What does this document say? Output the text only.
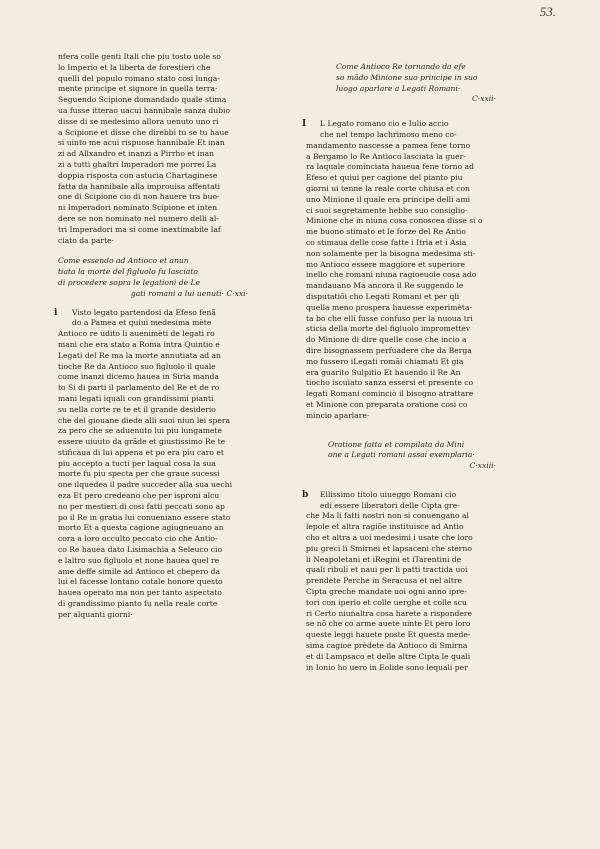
53.
nfera colle genti Itali che piu tosto uole so
lo Imperio et la liberta de forestieri che
quelli del populo romano stato cosi lunga-
mente principe et signore in quella terra·
Seguendo Scipione domandado quale stima
ua fusse itterao uacui hannibale sanza dubio
disse di se medesimo allora uenuto uno ri
a Scipione et disse che direbbi tu se tu haue
si uinto me acui rispuose hannibale Et inan
zi ad Allxandro et inanzi a Pirrho et inan
zi a tutti ghaltri Imperadori me porrei La
doppia risposta con astucia Chartaginese
fatta da hannibale alla improuisa affentati
one di Scipione cio di non hauere tra buo-
ni Imperadori nominato Scipione et inten
dere se non nominato nel numero delli al-
tri Imperadori ma si come inextimabile laf
ciato da parte·
Come essendo ad Antioco et anun
tiata la morte del figluolo fu lasciato
di procedere sopra le legationi de Le
gati romani a lui uenuti· C·xxi·
i	Visto legato partendosi da Efeso fenã
do a Pamea et quiui medesima mète
Antioco re udito li auenimèti de legati ro
mani che era stato a Roma intra Quintio e
Legati del Re ma la morte annutiata ad an
tioche Re da Antioco suo figluolo il quale
come inanzi dicemo hauea in Siria manda
to Si di parti il parlamento del Re et de ro
mani legati iquali con grandissimi pianti
su nella corte re te et il grande desiderio
che del giouane diede alli suoi niun lei spera
za pero che se aduenuto lui piu lungamete
essere uiuuto da grãde et giustissimo Re te
stificaua di lui appena et po era piu caro et
piu accepto a tucti per laqual cosa la sua
morte fu piu specta per che graue sucessi
one ilquedea il padre succeder alla sua uechi
eza Et pero credeano che per isproni alcu
no per mestieri di cosi fatti peccati sono ap
po il Re in gratia lui conueniano essere stato
morto Et a questa cagione agiugneuano an
cora a loro occulto peccato cio che Antio-
co Re hauea dato Lisimachia a Seleuco cio
e laltro suo figluolo et none hauea quel re
ame deffe simile ad Antioco et cbepero da
lui el facesse lontano cotale honore questo
hauea operato ma non per tanto aspectato
di grandissimo pianto fu nella reale corte
per alquanti giorni·
Come Antioco Re tornando da efe
so mãdo Minione suo principe in suo
luogo aparlare a Legati Romani·
C·xxii·
I	L Legato romano cio e Iulio accio
che nel tempo lachrimoso meno co-
mandamento nascesse a pamea fene torno
a Bergamo lo Re Antioco lasciata la guer-
ra laquale comínciata haueua fene torno ad
Efeso et quiui per cagione del pianto piu
giorni ui tenne la reale corte chiusa et con
uno Minione il quale era principe delli ami
ci suoi segretamente hebbe suo consiglio·
Minione che in niuna cosa conoscea disse si o
me buono stimato et le forze del Re Antio
co stimaua delle cose fatte i Itria et i Asia
non solamente per la bisogna medesima sti-
mo Antioco essere maggiore et superiore
inello che romani niuna ragioeuole cosa ado
mandauano Ma ancora il Re suggendo le
disputatiõi cho Legati Romani et per qli
quella meno prospera hauesse experimèta-
ta bo che ellí fusse confuso per la nuoua tri
sticia della morte del figluolo impromettev
do Minione di dire quelle cose che incio a
dire bisognassem perfuadere che da Berga
mo fussero iLegati romãi chiamati Et gia
era guarito Sulpitio Et hauendo il Re An
tiocho iscuiato sanza essersi et presente co
legati Romani cominciò il bisogno atrattare
et Minione con preparata oratione cosi co
mincio aparlare·
Oratione fatta et compilata da Mini
one a Legati romani assai exemplaria·
C·xxiii·
b	Ellissimo titolo uiueggo Romani cio
edi essere liberatori delle Cipta gre-
che Ma li fatti nostri non si conuengano al
lepole et altra ragiõe instituisce ad Antio
cho et altra a uoi medesimi i usate che loro
piu greci li Smirnei et lapsaceni che sterno
li Neapoletani et iRegini et iTarentini de
quali ribuli et naui per li patti tractida uoi
prendete Perche in Seracusa et nel altre
Cipta greche mandate uoi ogni anno ipre-
tori con iperio et colle uerghe et colle scu
ri Certo niunaltra cosa harete a rispondere
se nõ che co arme auete uinte Et pero loro
queste leggi hauete poste Et questa mede-
sima cagioe prèdete da Antioco di Smirna
et di Lampsaco et delle altre Cipta le quali
in Ionio ho uero in Eolide sono lequali per
